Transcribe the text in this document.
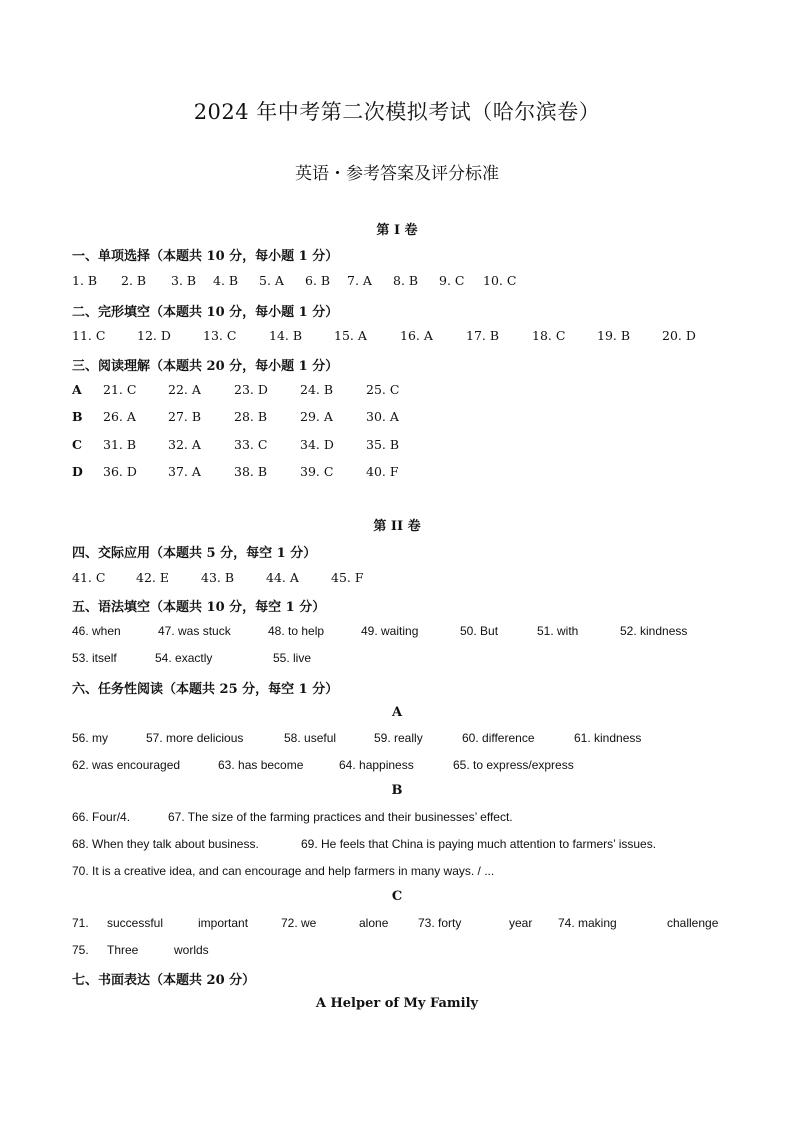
2024 年中考第二次模拟考试（哈尔滨卷）
英语・参考答案及评分标准
第 I 卷
一、单项选择（本题共 10 分，每小题 1 分）
1. B 2. B 3. B 4. B 5. A 6. B 7. A 8. B 9. C 10. C
二、完形填空（本题共 10 分，每小题 1 分）
11. C	12. D	13. C	14. B	15. A	16. A	17. B	18. C	19. B	20. D
三、阅读理解（本题共 20 分，每小题 1 分）
A 21. C	22. A	23. D	24. B	25. C
B 26. A	27. B	28. B	29. A	30. A
C 31. B	32. A	33. C	34. D	35. B
D 36. D 37. A	38. B	39. C	40. F
第 II 卷
四、交际应用（本题共 5 分，每空 1 分）
41. C 42. E	43. B	44. A	45. F
五、语法填空（本题共 10 分，每空 1 分）
46. when	47. was stuck	48. to help	49. waiting	50. But	51. with	52. kindness
53. itself	54. exactly	55. live
六、任务性阅读（本题共 25 分，每空 1 分）
A
56. my	57. more delicious	58. useful	59. really	60. difference	61. kindness
62. was encouraged	63. has become	64. happiness	65. to express/express
B
66. Four/4.	67. The size of the farming practices and their businesses’ effect.
68. When they talk about business.	69. He feels that China is paying much attention to farmers’ issues.
70. It is a creative idea, and can encourage and help farmers in many ways. / ...
C
71. successful	important	72. we	alone 73. forty	year 74. making	challenge
75. Three	worlds
七、书面表达（本题共 20 分）
A Helper of My Family
